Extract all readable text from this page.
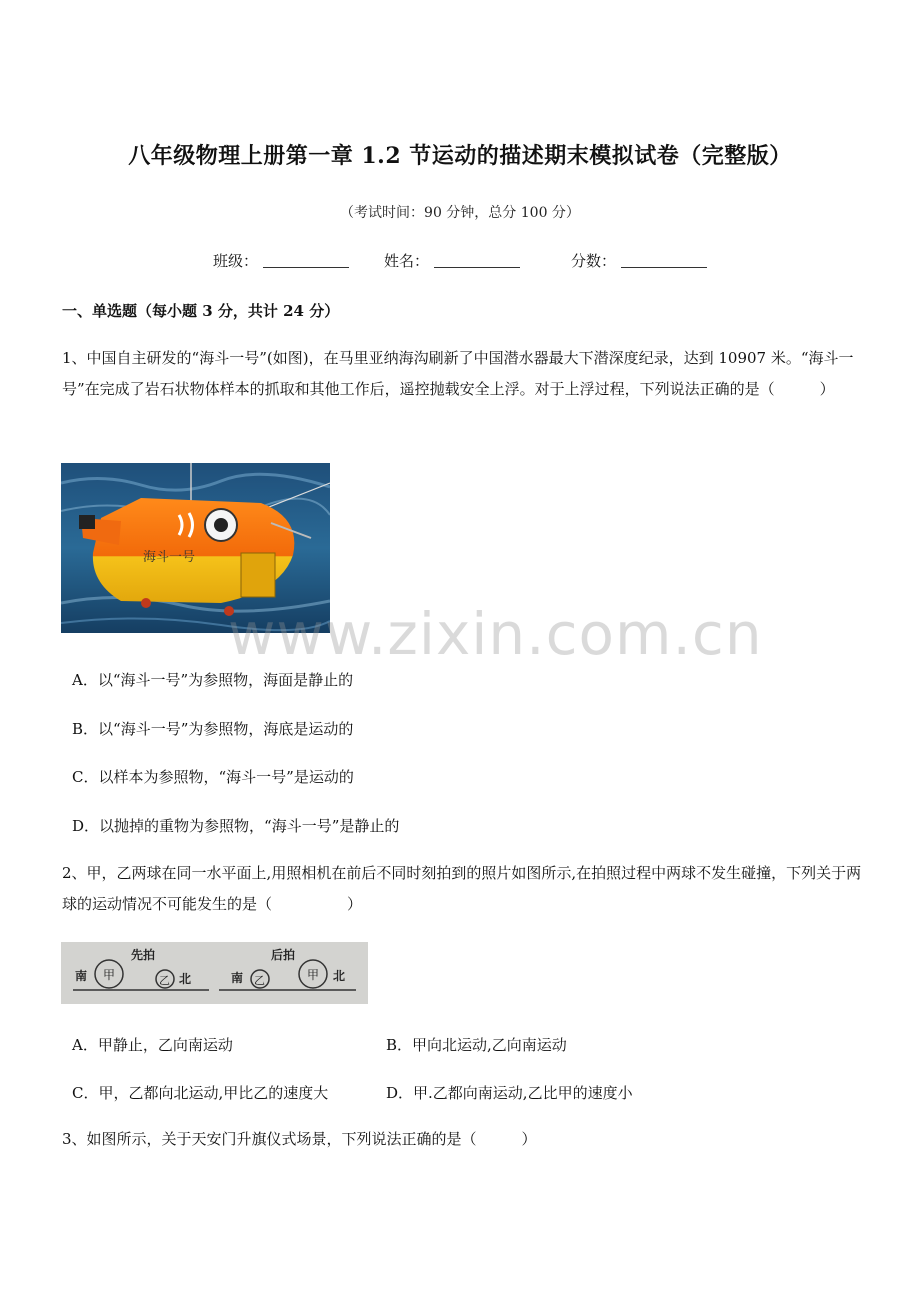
八年级物理上册第一章 1.2 节运动的描述期末模拟试卷（完整版）
（考试时间：90 分钟，总分 100 分）
班级：	姓名：	分数：
一、单选题（每小题 3 分，共计 24 分）
1、中国自主研发的“海斗一号”(如图)，在马里亚纳海沟刷新了中国潜水器最大下潜深度纪录，达到 10907 米。“海斗一号”在完成了岩石状物体样本的抓取和其他工作后，遥控抛载安全上浮。对于上浮过程，下列说法正确的是（　　　）
海斗一号
www.zixin.com.cn
A．以“海斗一号”为参照物，海面是静止的
B．以“海斗一号”为参照物，海底是运动的
C．以样本为参照物，“海斗一号”是运动的
D．以抛掉的重物为参照物，“海斗一号”是静止的
2、甲，乙两球在同一水平面上,用照相机在前后不同时刻拍到的照片如图所示,在拍照过程中两球不发生碰撞，下列关于两球的运动情况不可能发生的是（　　　　　）
先拍
南 甲	乙 北
后拍
南 乙	甲 北
A．甲静止，乙向南运动	B．甲向北运动,乙向南运动
C．甲，乙都向北运动,甲比乙的速度大	D．甲.乙都向南运动,乙比甲的速度小
3、如图所示，关于天安门升旗仪式场景，下列说法正确的是（　　　）
